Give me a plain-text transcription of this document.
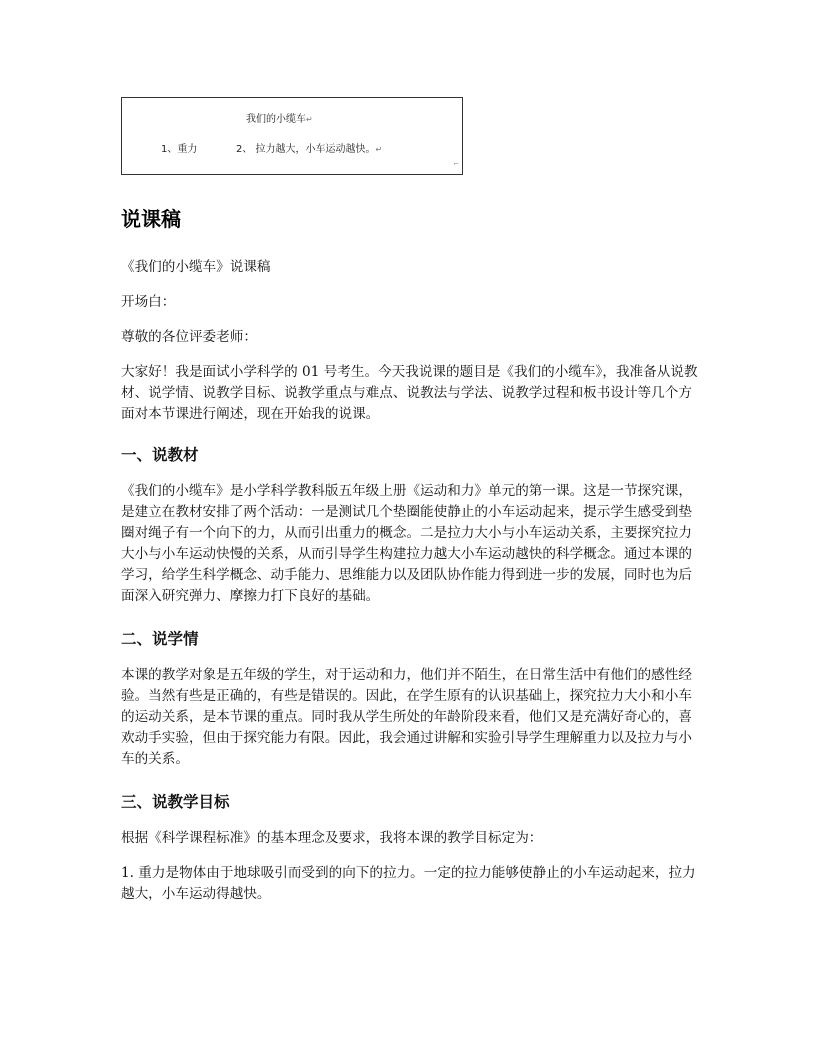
我们的小缆车↵
1、重力	2、 拉力越大，小车运动越快。↵
⌐
说课稿

《我们的小缆车》说课稿

开场白：

尊敬的各位评委老师：

大家好！我是面试小学科学的 01 号考生。今天我说课的题目是《我们的小缆车》，我准备从说教材、说学情、说教学目标、说教学重点与难点、说教法与学法、说教学过程和板书设计等几个方面对本节课进行阐述，现在开始我的说课。

一、说教材

《我们的小缆车》是小学科学教科版五年级上册《运动和力》单元的第一课。这是一节探究课，是建立在教材安排了两个活动：一是测试几个垫圈能使静止的小车运动起来，提示学生感受到垫圈对绳子有一个向下的力，从而引出重力的概念。二是拉力大小与小车运动关系，主要探究拉力大小与小车运动快慢的关系，从而引导学生构建拉力越大小车运动越快的科学概念。通过本课的学习，给学生科学概念、动手能力、思维能力以及团队协作能力得到进一步的发展，同时也为后面深入研究弹力、摩擦力打下良好的基础。

二、说学情

本课的教学对象是五年级的学生，对于运动和力，他们并不陌生，在日常生活中有他们的感性经验。当然有些是正确的，有些是错误的。因此，在学生原有的认识基础上，探究拉力大小和小车的运动关系，是本节课的重点。同时我从学生所处的年龄阶段来看，他们又是充满好奇心的，喜欢动手实验，但由于探究能力有限。因此，我会通过讲解和实验引导学生理解重力以及拉力与小车的关系。

三、说教学目标

根据《科学课程标准》的基本理念及要求，我将本课的教学目标定为：

1. 重力是物体由于地球吸引而受到的向下的拉力。一定的拉力能够使静止的小车运动起来，拉力越大，小车运动得越快。
